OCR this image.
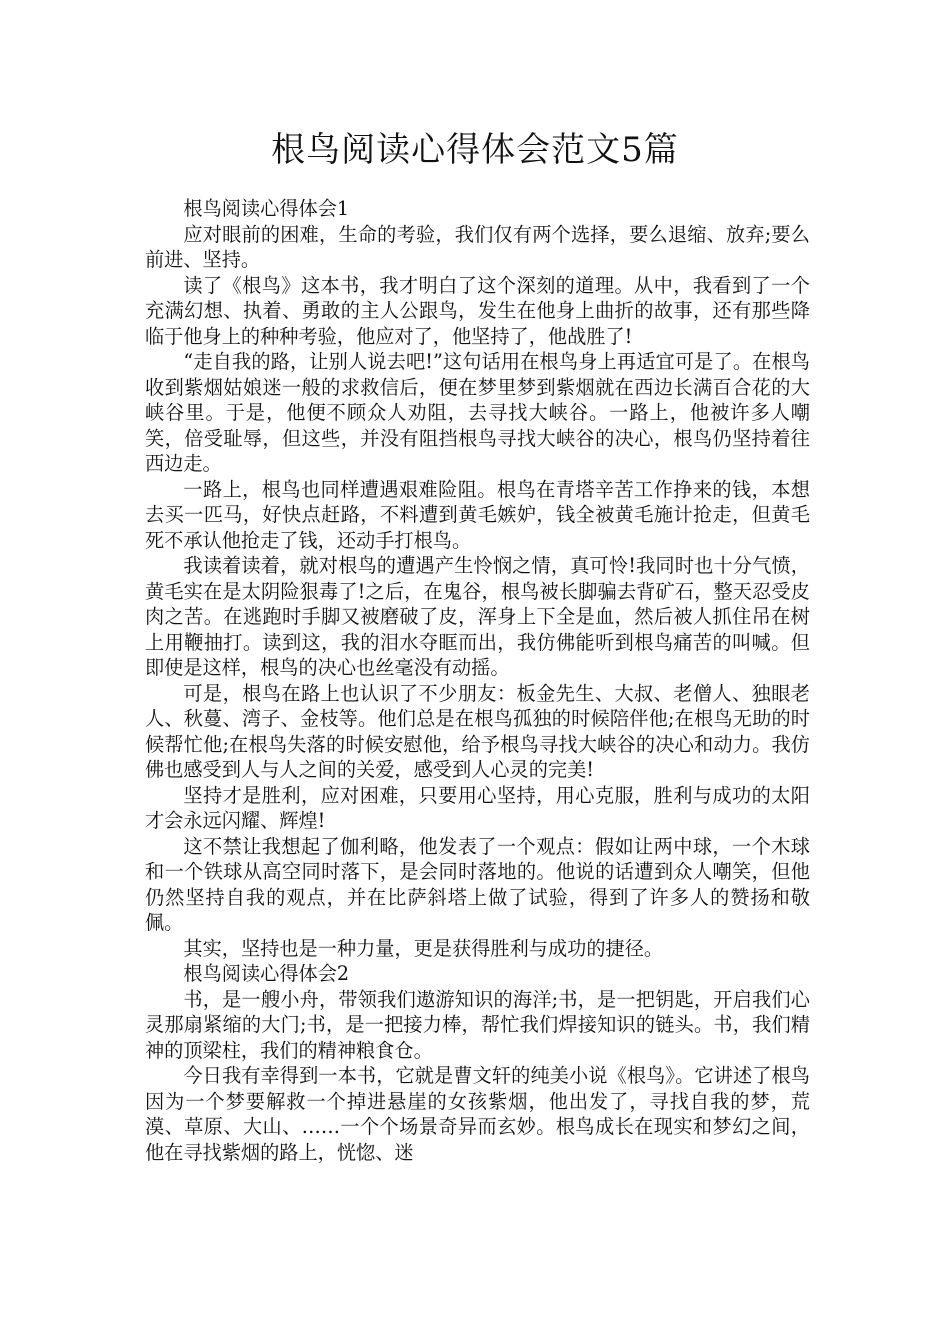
根鸟阅读心得体会范文5篇

根鸟阅读心得体会1

应对眼前的困难，生命的考验，我们仅有两个选择，要么退缩、放弃;要么前进、坚持。

读了《根鸟》这本书，我才明白了这个深刻的道理。从中，我看到了一个充满幻想、执着、勇敢的主人公跟鸟，发生在他身上曲折的故事，还有那些降临于他身上的种种考验，他应对了，他坚持了，他战胜了!

“走自我的路，让别人说去吧!”这句话用在根鸟身上再适宜可是了。在根鸟收到紫烟姑娘迷一般的求救信后，便在梦里梦到紫烟就在西边长满百合花的大峡谷里。于是，他便不顾众人劝阻，去寻找大峡谷。一路上，他被许多人嘲笑，倍受耻辱，但这些，并没有阻挡根鸟寻找大峡谷的决心，根鸟仍坚持着往西边走。

一路上，根鸟也同样遭遇艰难险阻。根鸟在青塔辛苦工作挣来的钱，本想去买一匹马，好快点赶路，不料遭到黄毛嫉妒，钱全被黄毛施计抢走，但黄毛死不承认他抢走了钱，还动手打根鸟。

我读着读着，就对根鸟的遭遇产生怜悯之情，真可怜!我同时也十分气愤，黄毛实在是太阴险狠毒了!之后，在鬼谷，根鸟被长脚骗去背矿石，整天忍受皮肉之苦。在逃跑时手脚又被磨破了皮，浑身上下全是血，然后被人抓住吊在树上用鞭抽打。读到这，我的泪水夺眶而出，我仿佛能听到根鸟痛苦的叫喊。但即使是这样，根鸟的决心也丝毫没有动摇。

可是，根鸟在路上也认识了不少朋友：板金先生、大叔、老僧人、独眼老人、秋蔓、湾子、金枝等。他们总是在根鸟孤独的时候陪伴他;在根鸟无助的时候帮忙他;在根鸟失落的时候安慰他，给予根鸟寻找大峡谷的决心和动力。我仿佛也感受到人与人之间的关爱，感受到人心灵的完美!

坚持才是胜利，应对困难，只要用心坚持，用心克服，胜利与成功的太阳才会永远闪耀、辉煌!

这不禁让我想起了伽利略，他发表了一个观点：假如让两中球，一个木球和一个铁球从高空同时落下，是会同时落地的。他说的话遭到众人嘲笑，但他仍然坚持自我的观点，并在比萨斜塔上做了试验，得到了许多人的赞扬和敬佩。

其实，坚持也是一种力量，更是获得胜利与成功的捷径。

根鸟阅读心得体会2

书，是一艘小舟，带领我们遨游知识的海洋;书，是一把钥匙，开启我们心灵那扇紧缩的大门;书，是一把接力棒，帮忙我们焊接知识的链头。书，我们精神的顶梁柱，我们的精神粮食仓。

今日我有幸得到一本书，它就是曹文轩的纯美小说《根鸟》。它讲述了根鸟因为一个梦要解救一个掉进悬崖的女孩紫烟，他出发了，寻找自我的梦，荒漠、草原、大山、……一个个场景奇异而玄妙。根鸟成长在现实和梦幻之间，他在寻找紫烟的路上，恍惚、迷
